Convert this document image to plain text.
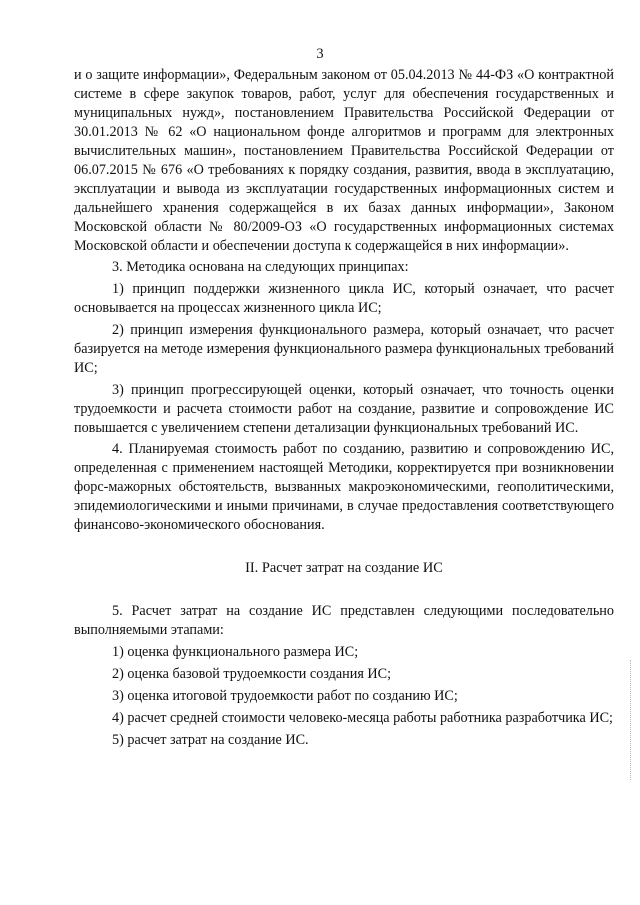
3

и о защите информации», Федеральным законом от 05.04.2013 № 44-ФЗ «О контрактной системе в сфере закупок товаров, работ, услуг для обеспечения государственных и муниципальных нужд», постановлением Правительства Российской Федерации от 30.01.2013 № 62 «О национальном фонде алгоритмов и программ для электронных вычислительных машин», постановлением Правительства Российской Федерации от 06.07.2015 № 676 «О требованиях к порядку создания, развития, ввода в эксплуатацию, эксплуатации и вывода из эксплуатации государственных информационных систем и дальнейшего хранения содержащейся в их базах данных информации», Законом Московской области № 80/2009-ОЗ «О государственных информационных системах Московской области и обеспечении доступа к содержащейся в них информации».

3. Методика основана на следующих принципах:

1) принцип поддержки жизненного цикла ИС, который означает, что расчет основывается на процессах жизненного цикла ИС;

2) принцип измерения функционального размера, который означает, что расчет базируется на методе измерения функционального размера функциональных требований ИС;

3) принцип прогрессирующей оценки, который означает, что точность оценки трудоемкости и расчета стоимости работ на создание, развитие и сопровождение ИС повышается с увеличением степени детализации функциональных требований ИС.

4. Планируемая стоимость работ по созданию, развитию и сопровождению ИС, определенная с применением настоящей Методики, корректируется при возникновении форс-мажорных обстоятельств, вызванных макроэкономическими, геополитическими, эпидемиологическими и иными причинами, в случае предоставления соответствующего финансово-экономического обоснования.

II. Расчет затрат на создание ИС

5. Расчет затрат на создание ИС представлен следующими последовательно выполняемыми этапами:

1) оценка функционального размера ИС;

2) оценка базовой трудоемкости создания ИС;

3) оценка итоговой трудоемкости работ по созданию ИС;

4) расчет средней стоимости человеко-месяца работы работника разработчика ИС;

5) расчет затрат на создание ИС.
